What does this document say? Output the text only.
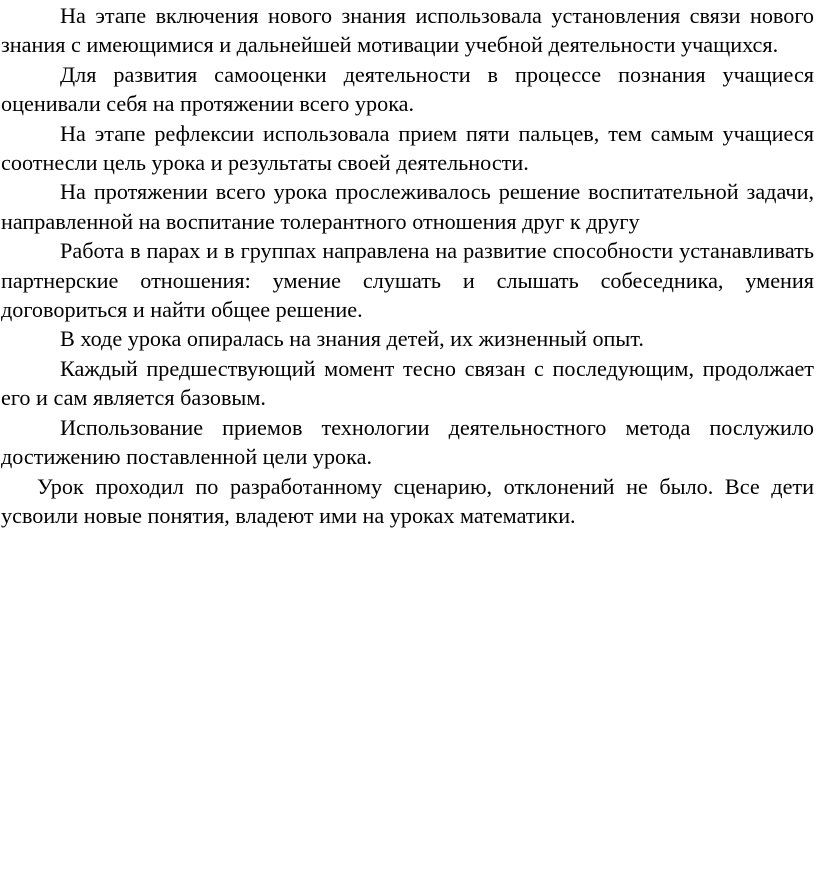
На этапе включения нового знания использовала установления связи нового знания с имеющимися и дальнейшей мотивации учебной деятельности учащихся.

Для развития самооценки деятельности в процессе познания учащиеся оценивали себя на протяжении всего урока.

На этапе рефлексии использовала прием пяти пальцев, тем самым учащиеся соотнесли цель урока и результаты своей деятельности.

На протяжении всего урока прослеживалось решение воспитательной задачи, направленной на воспитание толерантного отношения друг к другу

Работа в парах и в группах направлена на развитие способности устанавливать партнерские отношения: умение слушать и слышать собеседника, умения договориться и найти общее решение.

В ходе урока опиралась на знания детей, их жизненный опыт.

Каждый предшествующий момент тесно связан с последующим, продолжает его и сам является базовым.

Использование приемов технологии деятельностного метода послужило достижению поставленной цели урока.

Урок проходил по разработанному сценарию, отклонений не было. Все дети усвоили новые понятия, владеют ими на уроках математики.
